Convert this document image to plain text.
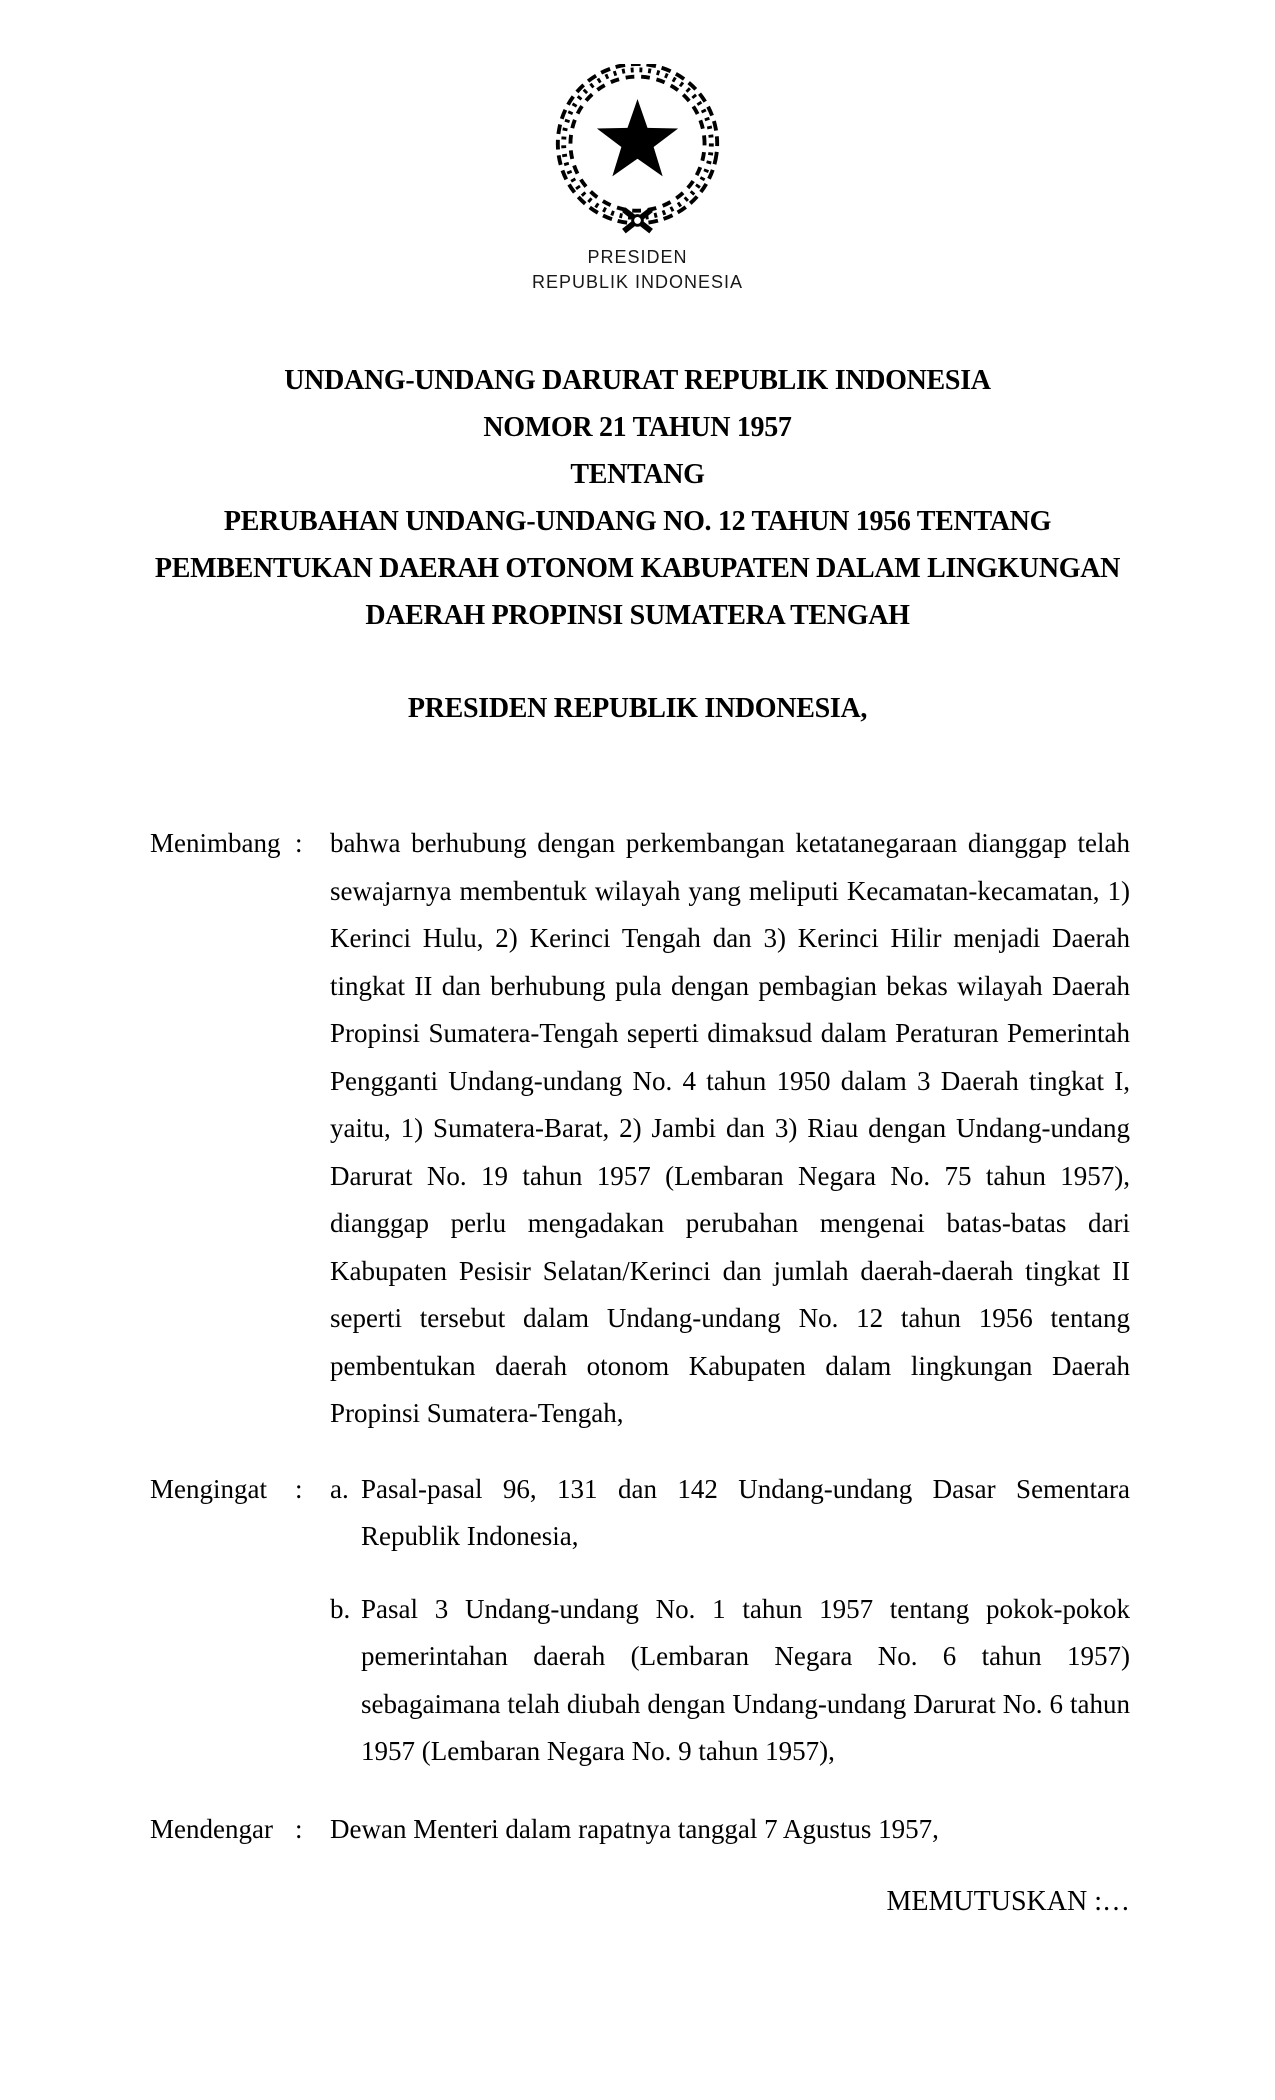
PRESIDEN
REPUBLIK INDONESIA
UNDANG-UNDANG DARURAT REPUBLIK INDONESIA
NOMOR 21 TAHUN 1957
TENTANG
PERUBAHAN UNDANG-UNDANG NO. 12 TAHUN 1956 TENTANG
PEMBENTUKAN DAERAH OTONOM KABUPATEN DALAM LINGKUNGAN
DAERAH PROPINSI SUMATERA TENGAH
PRESIDEN REPUBLIK INDONESIA,
Menimbang :	bahwa berhubung dengan perkembangan ketatanegaraan dianggap telah
sewajarnya membentuk wilayah yang meliputi Kecamatan-kecamatan, 1)
Kerinci Hulu, 2) Kerinci Tengah dan 3) Kerinci Hilir menjadi Daerah
tingkat II dan berhubung pula dengan pembagian bekas wilayah Daerah
Propinsi Sumatera-Tengah seperti dimaksud dalam Peraturan Pemerintah
Pengganti Undang-undang No. 4 tahun 1950 dalam 3 Daerah tingkat I,
yaitu, 1) Sumatera-Barat, 2) Jambi dan 3) Riau dengan Undang-undang
Darurat No. 19 tahun 1957 (Lembaran Negara No. 75 tahun 1957),
dianggap perlu mengadakan perubahan mengenai batas-batas dari
Kabupaten Pesisir Selatan/Kerinci dan jumlah daerah-daerah tingkat II
seperti tersebut dalam Undang-undang No. 12 tahun 1956 tentang
pembentukan daerah otonom Kabupaten dalam lingkungan Daerah
Propinsi Sumatera-Tengah,
Mengingat	:	a. Pasal-pasal 96, 131 dan 142 Undang-undang Dasar Sementara
Republik Indonesia,
b. Pasal 3 Undang-undang No. 1 tahun 1957 tentang pokok-pokok
pemerintahan daerah (Lembaran Negara No. 6 tahun 1957)
sebagaimana telah diubah dengan Undang-undang Darurat No. 6 tahun
1957 (Lembaran Negara No. 9 tahun 1957),
Mendengar :	Dewan Menteri dalam rapatnya tanggal 7 Agustus 1957,
MEMUTUSKAN :…
